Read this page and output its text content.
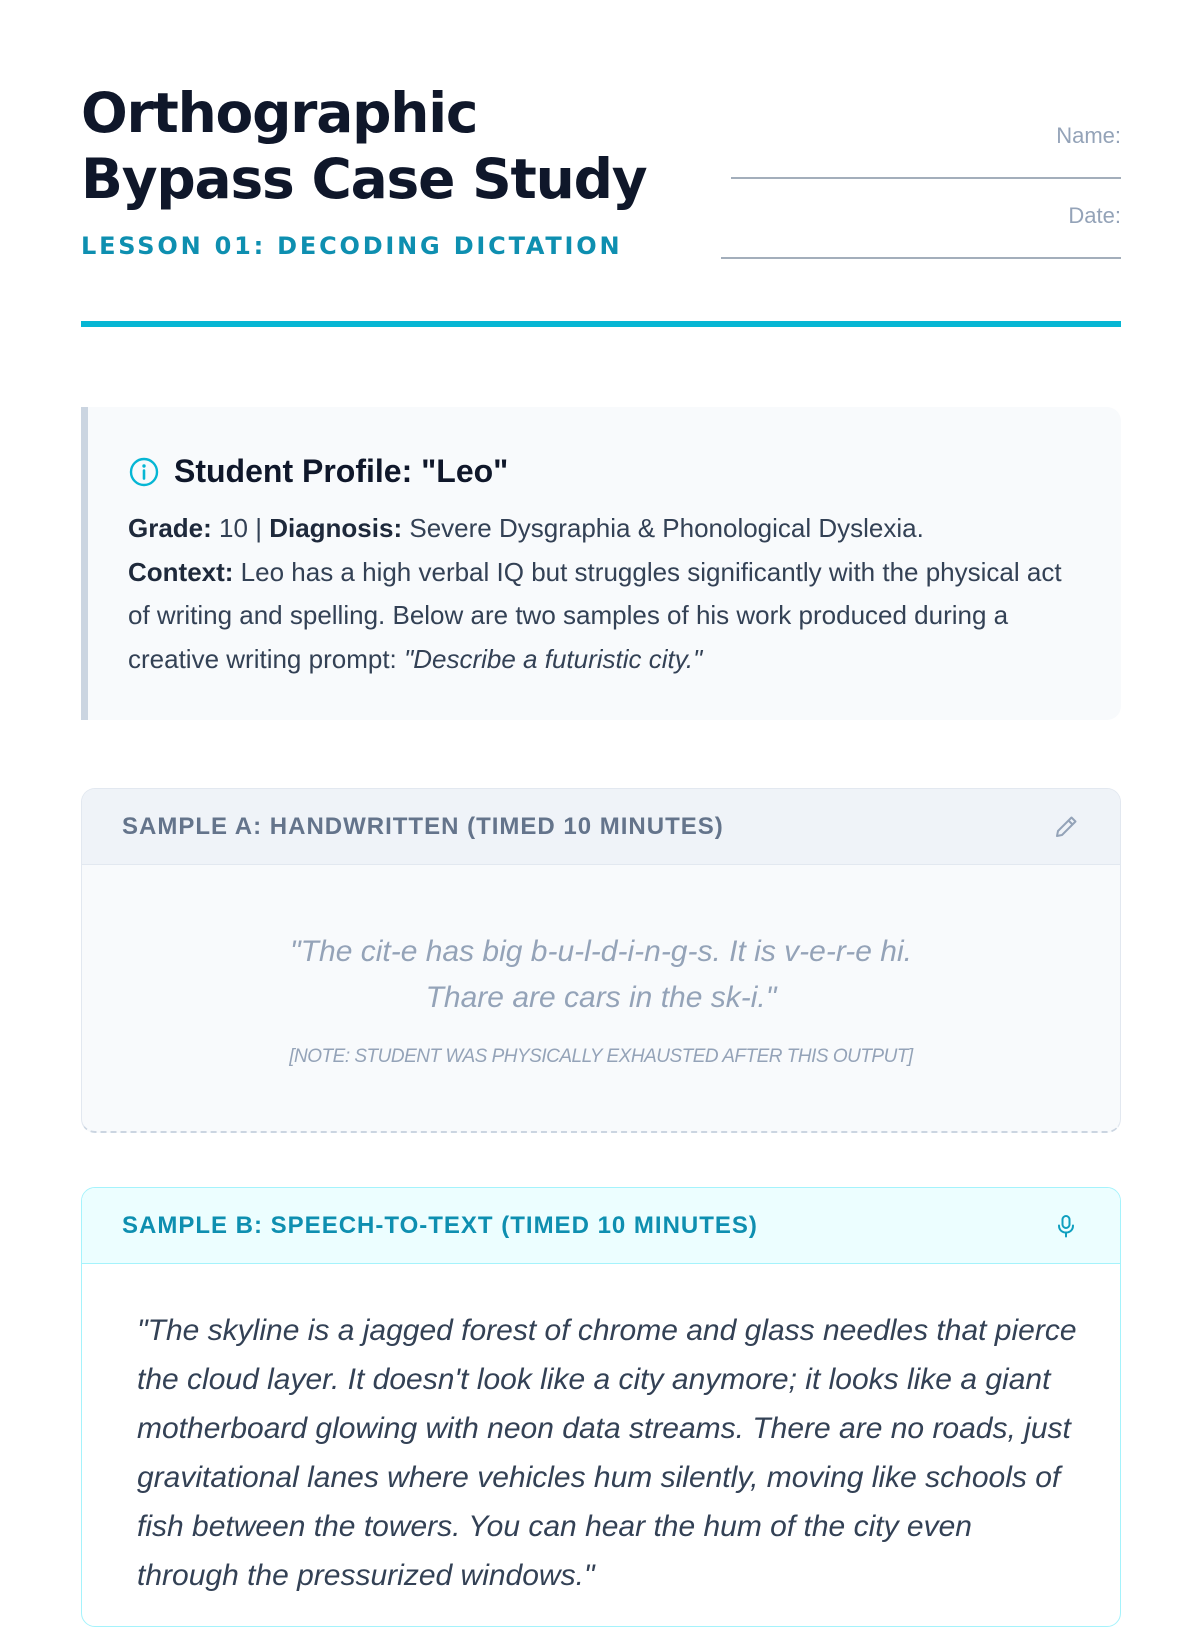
Orthographic
Bypass Case Study
LESSON 01: DECODING DICTATION
Name:
Date:
Student Profile: "Leo"
Grade: 10 | Diagnosis: Severe Dysgraphia & Phonological Dyslexia.
Context: Leo has a high verbal IQ but struggles significantly with the physical act of writing and spelling. Below are two samples of his work produced during a creative writing prompt: "Describe a futuristic city."
SAMPLE A: HANDWRITTEN (TIMED 10 MINUTES)
"The cit-e has big b-u-l-d-i-n-g-s. It is v-e-r-e hi.
Thare are cars in the sk-i."
[NOTE: STUDENT WAS PHYSICALLY EXHAUSTED AFTER THIS OUTPUT]
SAMPLE B: SPEECH-TO-TEXT (TIMED 10 MINUTES)
"The skyline is a jagged forest of chrome and glass needles that pierce the cloud layer. It doesn't look like a city anymore; it looks like a giant motherboard glowing with neon data streams. There are no roads, just gravitational lanes where vehicles hum silently, moving like schools of fish between the towers. You can hear the hum of the city even through the pressurized windows."
